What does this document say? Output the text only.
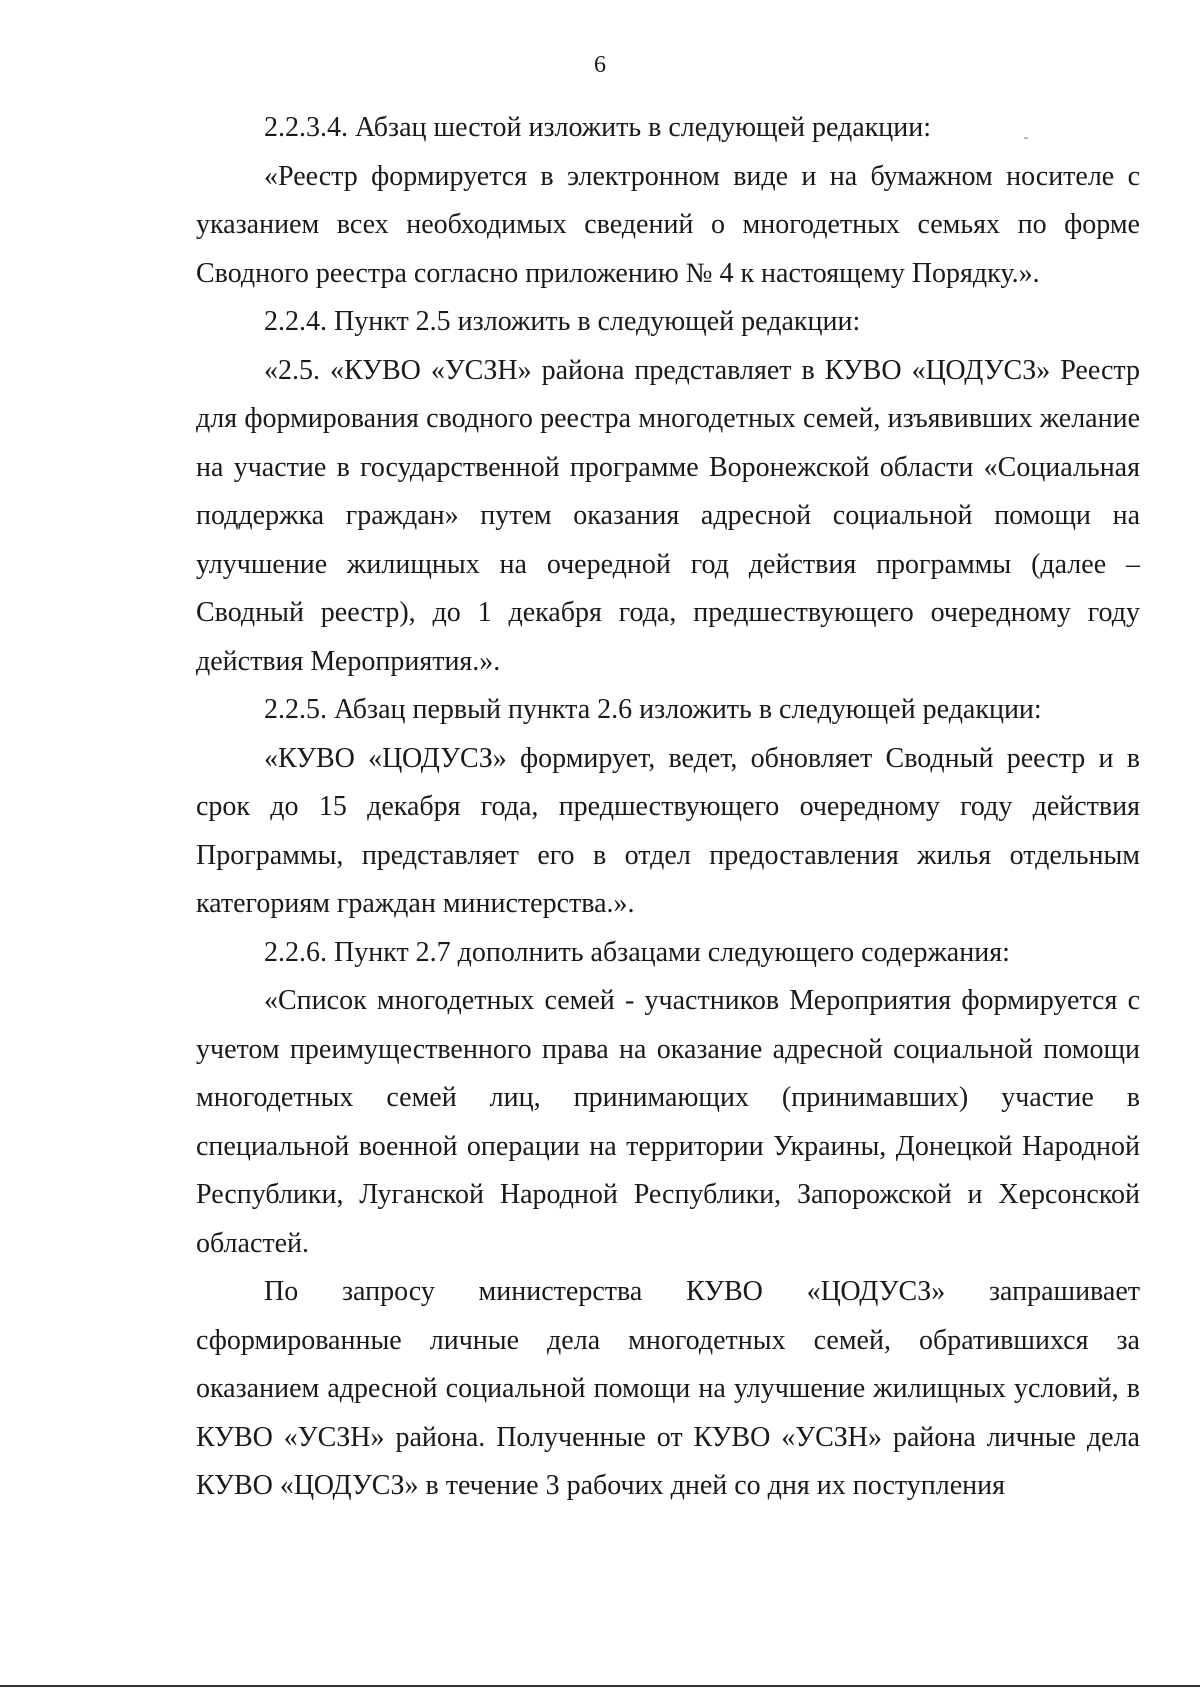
6

2.2.3.4. Абзац шестой изложить в следующей редакции:

«Реестр формируется в электронном виде и на бумажном носителе с указанием всех необходимых сведений о многодетных семьях по форме Сводного реестра согласно приложению № 4 к настоящему Порядку.».

2.2.4. Пункт 2.5 изложить в следующей редакции:

«2.5. «КУВО «УСЗН» района представляет в КУВО «ЦОДУСЗ» Реестр для формирования сводного реестра многодетных семей, изъявивших желание на участие в государственной программе Воронежской области «Социальная поддержка граждан» путем оказания адресной социальной помощи на улучшение жилищных на очередной год действия программы (далее – Сводный реестр), до 1 декабря года, предшествующего очередному году действия Мероприятия.».

2.2.5. Абзац первый пункта 2.6 изложить в следующей редакции:

«КУВО «ЦОДУСЗ» формирует, ведет, обновляет Сводный реестр и в срок до 15 декабря года, предшествующего очередному году действия Программы, представляет его в отдел предоставления жилья отдельным категориям граждан министерства.».

2.2.6. Пункт 2.7 дополнить абзацами следующего содержания:

«Список многодетных семей - участников Мероприятия формируется с учетом преимущественного права на оказание адресной социальной помощи многодетных семей лиц, принимающих (принимавших) участие в специальной военной операции на территории Украины, Донецкой Народной Республики, Луганской Народной Республики, Запорожской и Херсонской областей.

По запросу министерства КУВО «ЦОДУСЗ» запрашивает сформированные личные дела многодетных семей, обратившихся за оказанием адресной социальной помощи на улучшение жилищных условий, в КУВО «УСЗН» района. Полученные от КУВО «УСЗН» района личные дела КУВО «ЦОДУСЗ» в течение 3 рабочих дней со дня их поступления
